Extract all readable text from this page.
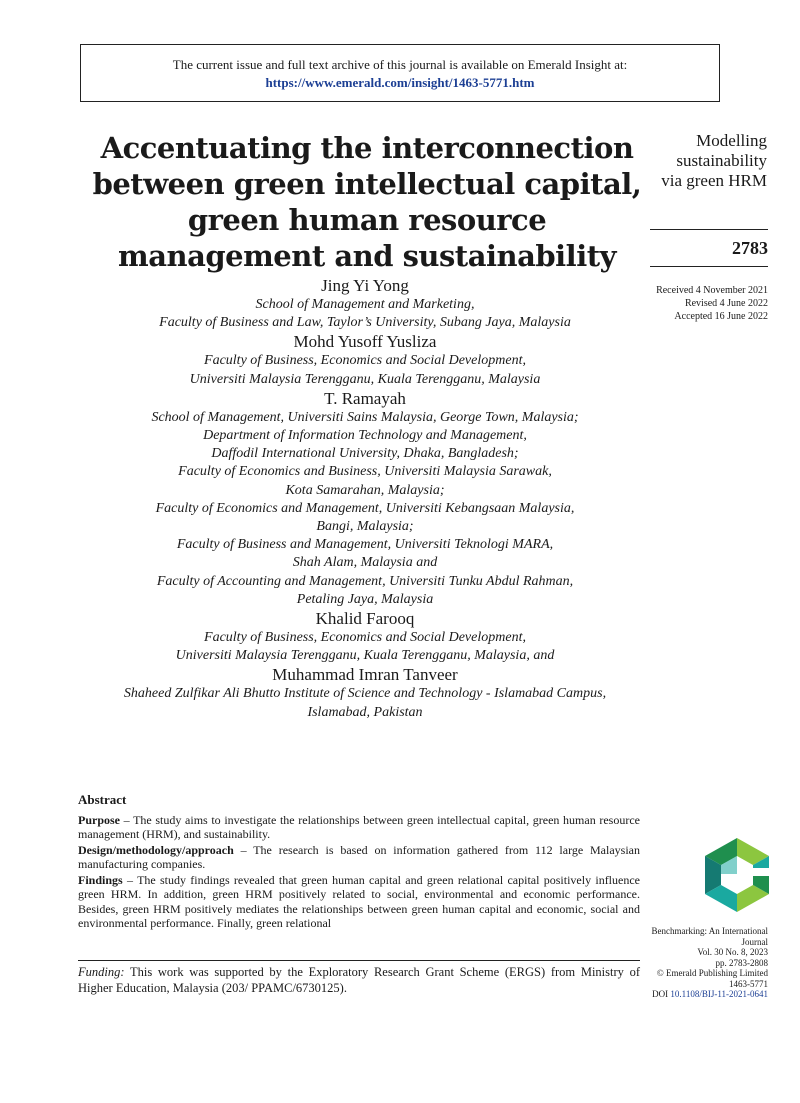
The current issue and full text archive of this journal is available on Emerald Insight at:
https://www.emerald.com/insight/1463-5771.htm
Accentuating the interconnection
between green intellectual capital,
green human resource
management and sustainability
Modelling
sustainability
via green HRM
2783
Received 4 November 2021
Revised 4 June 2022
Accepted 16 June 2022
Jing Yi Yong
School of Management and Marketing,
Faculty of Business and Law, Taylor’s University, Subang Jaya, Malaysia
Mohd Yusoff Yusliza
Faculty of Business, Economics and Social Development,
Universiti Malaysia Terengganu, Kuala Terengganu, Malaysia
T. Ramayah
School of Management, Universiti Sains Malaysia, George Town, Malaysia;
Department of Information Technology and Management,
Daffodil International University, Dhaka, Bangladesh;
Faculty of Economics and Business, Universiti Malaysia Sarawak,
Kota Samarahan, Malaysia;
Faculty of Economics and Management, Universiti Kebangsaan Malaysia,
Bangi, Malaysia;
Faculty of Business and Management, Universiti Teknologi MARA,
Shah Alam, Malaysia and
Faculty of Accounting and Management, Universiti Tunku Abdul Rahman,
Petaling Jaya, Malaysia
Khalid Farooq
Faculty of Business, Economics and Social Development,
Universiti Malaysia Terengganu, Kuala Terengganu, Malaysia, and
Muhammad Imran Tanveer
Shaheed Zulfikar Ali Bhutto Institute of Science and Technology - Islamabad Campus,
Islamabad, Pakistan
Abstract

Purpose – The study aims to investigate the relationships between green intellectual capital, green human resource management (HRM), and sustainability.

Design/methodology/approach – The research is based on information gathered from 112 large Malaysian manufacturing companies.

Findings – The study findings revealed that green human capital and green relational capital positively influence green HRM. In addition, green HRM positively related to social, environmental and economic performance. Besides, green HRM positively mediates the relationships between green human capital and economic, social and environmental performance. Finally, green relational

Benchmarking: An International
Journal
Vol. 30 No. 8, 2023
pp. 2783-2808
© Emerald Publishing Limited
1463-5771
DOI 10.1108/BIJ-11-2021-0641
Funding: This work was supported by the Exploratory Research Grant Scheme (ERGS) from Ministry of Higher Education, Malaysia (203/ PPAMC/6730125).
